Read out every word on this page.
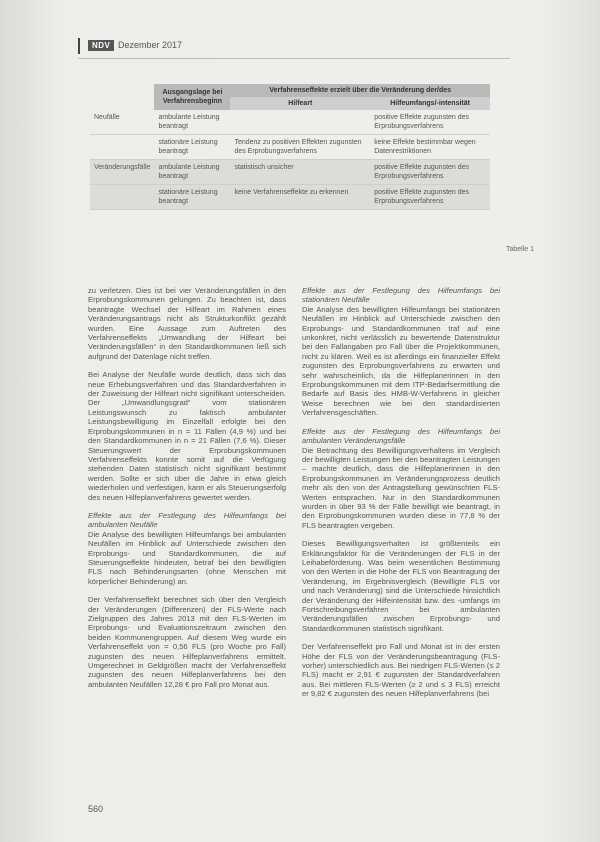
NDV Dezember 2017
	Ausgangslage bei Verfahrensbeginn	Verfahrenseffekte erzielt über die Veränderung der/des	
		Hilfeart	Hilfeumfangs/-intensität
Neufälle	ambulante Leistung beantragt		positive Effekte zugunsten des Erprobungsverfahrens
	stationäre Leistung beantragt	Tendenz zu positiven Effekten zugunsten des Erprobungsverfahrens	keine Effekte bestimmbar wegen Datenrestriktionen
Veränderungsfälle	ambulante Leistung beantragt	statistisch unsicher	positive Effekte zugunsten des Erprobungsverfahrens
	stationäre Leistung beantragt	keine Verfahrenseffekte zu erkennen	positive Effekte zugunsten des Erprobungsverfahrens
Tabelle 1

zu verletzen. Dies ist bei vier Veränderungsfällen in den Erprobungskommunen gelungen. Zu beachten ist, dass beantragte Wechsel der Hilfeart im Rahmen eines Veränderungsantrags nicht als Strukturkonflikt gezählt wurden. Eine Aussage zum Auftreten des Verfahrenseffekts „Umwandlung der Hilfeart bei Veränderungsfällen“ in den Standardkommunen ließ sich aufgrund der Datenlage nicht treffen.

Bei Analyse der Neufälle wurde deutlich, dass sich das neue Erhebungsverfahren und das Standardverfahren in der Zuweisung der Hilfeart nicht signifikant unterscheiden. Der „Umwandlungsgrad“ vom stationären Leistungswunsch zu faktisch ambulanter Leistungsbewilligung im Einzelfall erfolgte bei den Erprobungskommunen in n = 11 Fällen (4,9 %) und bei den Standardkommunen in n = 21 Fällen (7,6 %). Dieser Steuerungswert der Erprobungskommunen Verfahrenseffekts konnte somit auf die Verfügung stehenden Daten statistisch nicht signifikant bestimmt werden. Sollte er sich über die Jahre in etwa gleich wiederholen und verfestigen, kann er als Steuerungserfolg des neuen Hilfeplanverfahrens gewertet werden.

Effekte aus der Festlegung des Hilfeumfangs bei ambulanten Neufälle

Die Analyse des bewilligten Hilfeumfangs bei ambulanten Neufällen im Hinblick auf Unterschiede zwischen den Erprobungs- und Standardkommunen, die auf Steuerungseffekte hindeuten, betraf bei den bewilligten FLS nach Behinderungsarten (ohne Menschen mit körperlicher Behinderung) an.

Der Verfahrenseffekt berechnet sich über den Vergleich der Veränderungen (Differenzen) der FLS-Werte nach Zielgruppen des Jahres 2013 mit den FLS-Werten im Erprobungs- und Evaluationszeitraum zwischen den beiden Kommunengruppen. Auf diesem Weg wurde ein Verfahrenseffekt von = 0,56 FLS (pro Woche pro Fall) zugunsten des neuen Hilfeplanverfahrens ermittelt. Umgerechnet in Geldgrößen macht der Verfahrenseffekt zugunsten des neuen Hilfeplanverfahrens bei den ambulanten Neufällen 12,28 € pro Fall pro Monat aus.

Effekte aus der Festlegung des Hilfeumfangs bei stationären Neufälle

Die Analyse des bewilligten Hilfeumfangs bei stationären Neufällen im Hinblick auf Unterschiede zwischen den Erprobungs- und Standardkommunen traf auf eine unkonkret, nicht verlässlich zu bewertende Datenstruktur bei den Fallangaben pro Fall über die Projektkommunen, nicht zu klären. Weil es ist allerdings ein finanzieller Effekt zugunsten des Erprobungsverfahrens zu erwarten und sehr wahrscheinlich, da die Hilfeplanerinnen in den Erprobungskommunen mit dem ITP-Bedarfsermittlung die Bedarfe auf Basis des HMB-W-Verfahrens in gleicher Weise berechnen wie bei den standardisierten Verfahrensgeschäften.

Effekte aus der Festlegung des Hilfeumfangs bei ambulanten Veränderungsfälle

Die Betrachtung des Bewilligungsverhaltens im Vergleich der bewilligten Leistungen bei den beantragten Leistungen – machte deutlich, dass die Hilfeplanerinnen in den Erprobungskommunen im Veränderungsprozess deutlich mehr als den von der Antragstellung gewünschten FLS-Werten entsprachen. Nur in den Standardkommunen wurden in über 93 % der Fälle bewilligt wie beantragt, in den Erprobungskommunen wurden diese in 77,8 % der FLS beantragten vergeben.

Dieses Bewilligungsverhalten ist größtenteils ein Erklärungsfaktor für die Veränderungen der FLS in der Leihabeförderung. Was beim wesentlichen Bestimmung von den Werten in die Höhe der FLS von Beantragung der Veränderung, im Ergebnisvergleich (Bewilligte FLS vor und nach Veränderung) sind die Unterschiede hinsichtlich der Veränderung der Hilfeintensität bzw. des -umfangs im Fortschreibungsverfahren bei ambulanten Veränderungsfällen zwischen Erprobungs- und Standardkommunen statistisch signifikant.

Der Verfahrenseffekt pro Fall und Monat ist in der ersten Höhe der FLS von der Veränderungsbeantragung (FLS-vorher) unterschiedlich aus. Bei niedrigen FLS-Werten (≤ 2 FLS) macht er 2,91 € zugunsten der Standardverfahren aus. Bei mittleren FLS-Werten (≥ 2 und ≤ 3 FLS) erreicht er 9,82 € zugunsten des neuen Hilfeplanverfahrens (bei

560
